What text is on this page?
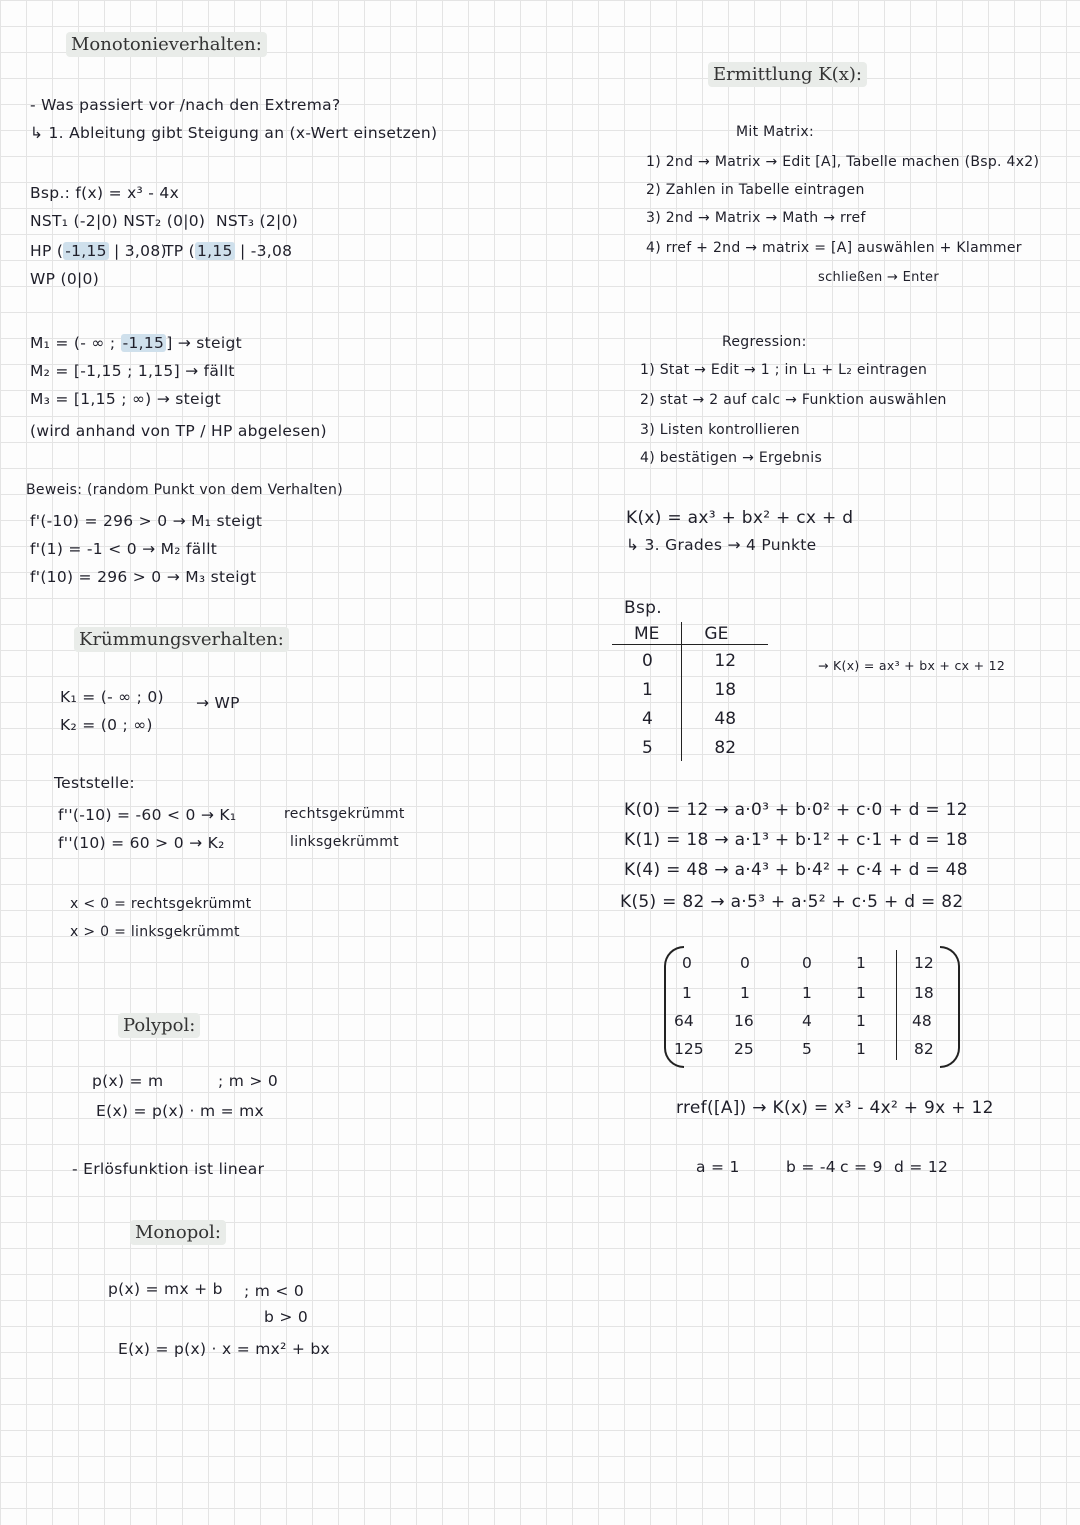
Monotonieverhalten:
- Was passiert vor /nach den Extrema?
↳ 1. Ableitung gibt Steigung an (x-Wert einsetzen)
Bsp.: f(x) = x³ - 4x
NST₁ (-2|0) NST₂ (0|0) NST₃ (2|0)
HP ( -1,15 | 3,08)
TP ( 1,15 | -3,08
WP (0|0)
M₁ = (- ∞ ; -1,15 ] → steigt
M₂ = [-1,15 ; 1,15] → fällt
M₃ = [1,15 ; ∞) → steigt
(wird anhand von TP / HP abgelesen)
Beweis: (random Punkt von dem Verhalten)
f'(-10) = 296 > 0 → M₁ steigt
f'(1) = -1 < 0 → M₂ fällt
f'(10) = 296 > 0 → M₃ steigt
Krümmungsverhalten:
K₁ = (- ∞ ; 0) → WP
K₂ = (0 ; ∞)
Teststelle:
f''(-10) = -60 < 0 → K₁	rechtsgekrümmt
f''(10) = 60 > 0 → K₂	linksgekrümmt
x < 0 = rechtsgekrümmt
x > 0 = linksgekrümmt
Polypol:
p(x) = m	; m > 0
E(x) = p(x) · m = mx
- Erlösfunktion ist linear
Monopol:
p(x) = mx + b ; m < 0
b > 0
E(x) = p(x) · x = mx² + bx
Ermittlung K(x):
Mit Matrix:
1) 2nd → Matrix → Edit [A], Tabelle machen (Bsp. 4x2)
2) Zahlen in Tabelle eintragen
3) 2nd → Matrix → Math → rref
4) rref + 2nd → matrix = [A] auswählen + Klammer
schließen → Enter
Regression:
1) Stat → Edit → 1 ; in L₁ + L₂ eintragen
2) stat → 2 auf calc → Funktion auswählen
3) Listen kontrollieren
4) bestätigen → Ergebnis
K(x) = ax³ + bx² + cx + d
↳ 3. Grades → 4 Punkte
Bsp.
ME	GE
0	12
1	18
4	48
5	82
→ K(x) = ax³ + bx + cx + 12
K(0) = 12 → a·0³ + b·0² + c·0 + d = 12
K(1) = 18 → a·1³ + b·1² + c·1 + d = 18
K(4) = 48 → a·4³ + b·4² + c·4 + d = 48
K(5) = 82 → a·5³ + a·5² + c·5 + d = 82
0	0	0	1	12
1	1	1	1	18
64	16	4	1	48
125 25	5	1	82
rref([A]) → K(x) = x³ - 4x² + 9x + 12
a = 1	b = -4 c = 9 d = 12
